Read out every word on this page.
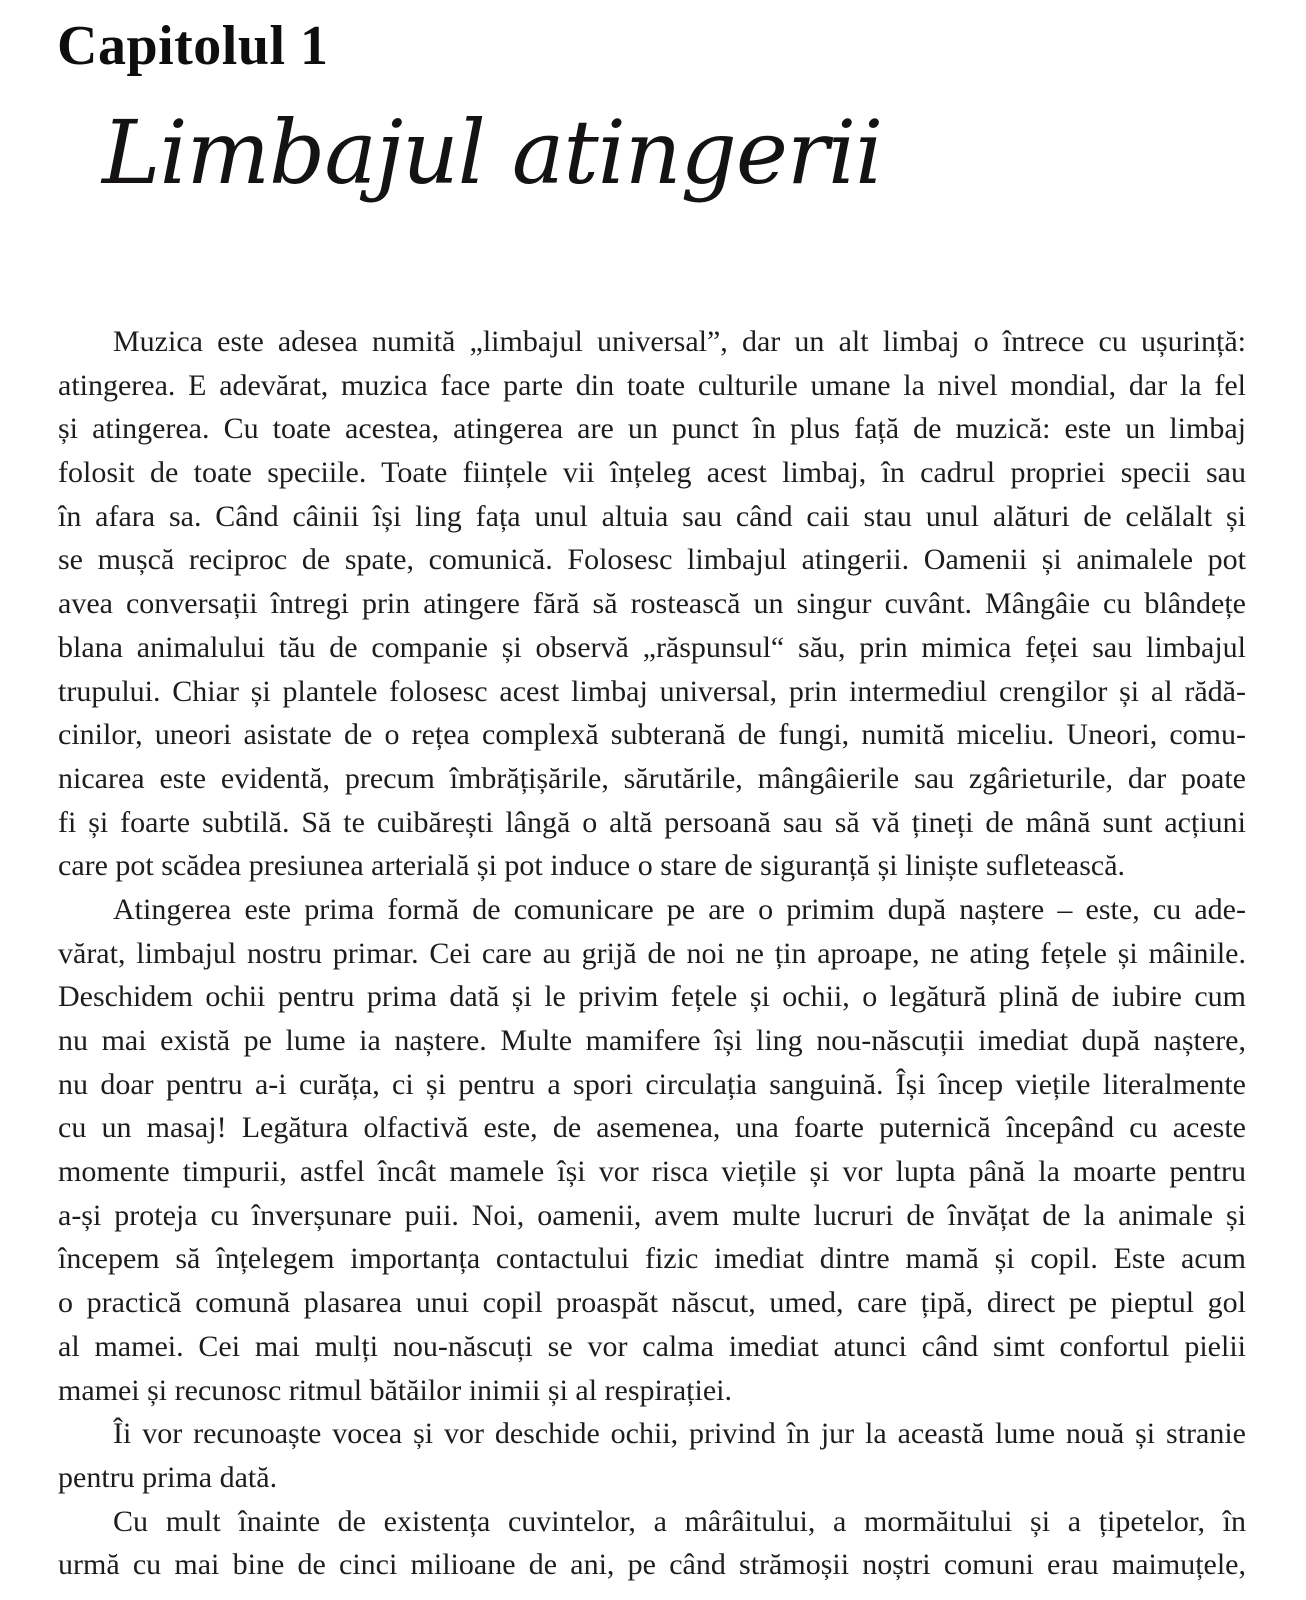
Capitolul 1
Limbajul atingerii
Muzica este adesea numită „limbajul universal”, dar un alt limbaj o întrece cu ușurință:
atingerea. E adevărat, muzica face parte din toate culturile umane la nivel mondial, dar la fel
și atingerea. Cu toate acestea, atingerea are un punct în plus față de muzică: este un limbaj
folosit de toate speciile. Toate ființele vii înțeleg acest limbaj, în cadrul propriei specii sau
în afara sa. Când câinii își ling fața unul altuia sau când caii stau unul alături de celălalt și
se mușcă reciproc de spate, comunică. Folosesc limbajul atingerii. Oamenii și animalele pot
avea conversații întregi prin atingere fără să rostească un singur cuvânt. Mângâie cu blândețe
blana animalului tău de companie și observă „răspunsul“ său, prin mimica feței sau limbajul
trupului. Chiar și plantele folosesc acest limbaj universal, prin intermediul crengilor și al rădă-
cinilor, uneori asistate de o rețea complexă subterană de fungi, numită miceliu. Uneori, comu-
nicarea este evidentă, precum îmbrățișările, sărutările, mângâierile sau zgârieturile, dar poate
fi și foarte subtilă. Să te cuibărești lângă o altă persoană sau să vă țineți de mână sunt acțiuni
care pot scădea presiunea arterială și pot induce o stare de siguranță și liniște sufletească.
Atingerea este prima formă de comunicare pe are o primim după naștere – este, cu ade-
vărat, limbajul nostru primar. Cei care au grijă de noi ne țin aproape, ne ating fețele și mâinile.
Deschidem ochii pentru prima dată și le privim fețele și ochii, o legătură plină de iubire cum
nu mai există pe lume ia naștere. Multe mamifere își ling nou-născuții imediat după naștere,
nu doar pentru a-i curăța, ci și pentru a spori circulația sanguină. Își încep viețile literalmente
cu un masaj! Legătura olfactivă este, de asemenea, una foarte puternică începând cu aceste
momente timpurii, astfel încât mamele își vor risca viețile și vor lupta până la moarte pentru
a-și proteja cu înverșunare puii. Noi, oamenii, avem multe lucruri de învățat de la animale și
începem să înțelegem importanța contactului fizic imediat dintre mamă și copil. Este acum
o practică comună plasarea unui copil proaspăt născut, umed, care țipă, direct pe pieptul gol
al mamei. Cei mai mulți nou-născuți se vor calma imediat atunci când simt confortul pielii
mamei și recunosc ritmul bătăilor inimii și al respirației.
Îi vor recunoaște vocea și vor deschide ochii, privind în jur la această lume nouă și stranie
pentru prima dată.
Cu mult înainte de existența cuvintelor, a mârâitului, a mormăitului și a țipetelor, în
urmă cu mai bine de cinci milioane de ani, pe când strămoșii noștri comuni erau maimuțele,
